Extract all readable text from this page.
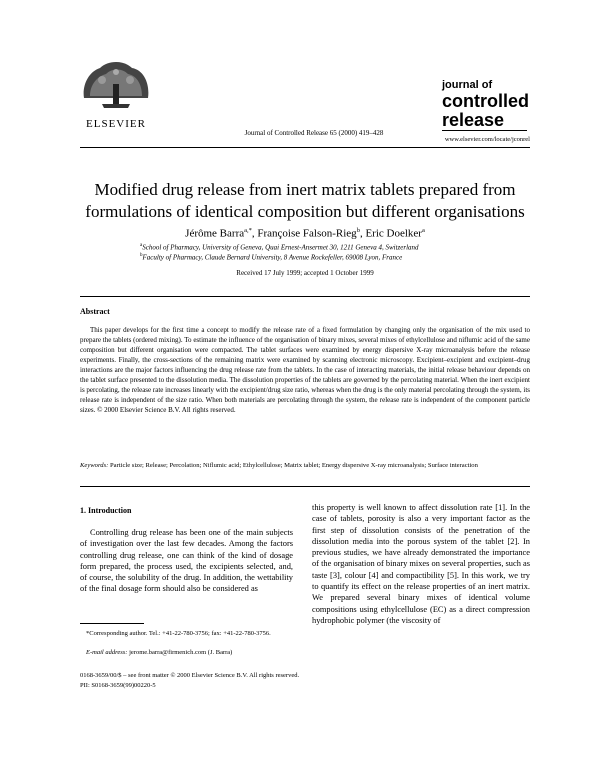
ELSEVIER
Journal of Controlled Release 65 (2000) 419–428
journal of
controlled
release
www.elsevier.com/locate/jconrel
Modified drug release from inert matrix tablets prepared from
formulations of identical composition but different organisations
Jérôme Barra$^{a,*}$, Françoise Falson-Rieg$^b$, Eric Doelker$^a$
$^a$School of Pharmacy, University of Geneva, Quai Ernest-Ansermet 30, 1211 Geneva 4, Switzerland
$^b$Faculty of Pharmacy, Claude Bernard University, 8 Avenue Rockefeller, 69008 Lyon, France
Received 17 July 1999; accepted 1 October 1999
Abstract
This paper develops for the first time a concept to modify the release rate of a fixed formulation by changing only the organisation of the mix used to prepare the tablets (ordered mixing). To estimate the influence of the organisation of binary mixes, several mixes of ethylcellulose and niflumic acid of the same composition but different organisation were compacted. The tablet surfaces were examined by energy dispersive X-ray microanalysis before the release experiments. Finally, the cross-sections of the remaining matrix were examined by scanning electronic microscopy. Excipient–excipient and excipient–drug interactions are the major factors influencing the drug release rate from the tablets. In the case of interacting materials, the initial release behaviour depends on the tablet surface presented to the dissolution media. The dissolution properties of the tablets are governed by the percolating material. When the inert excipient is percolating, the release rate increases linearly with the excipient/drug size ratio, whereas when the drug is the only material percolating through the system, its release rate is independent of the size ratio. When both materials are percolating through the system, the release rate is independent of the component particle sizes. © 2000 Elsevier Science B.V. All rights reserved.
Keywords: Particle size; Release; Percolation; Niflumic acid; Ethylcellulose; Matrix tablet; Energy dispersive X-ray microanalysis; Surface interaction
1. Introduction
Controlling drug release has been one of the main subjects of investigation over the last few decades. Among the factors controlling drug release, one can think of the kind of dosage form prepared, the process used, the excipients selected, and, of course, the solubility of the drug. In addition, the wettability of the final dosage form should also be considered as
this property is well known to affect dissolution rate [1]. In the case of tablets, porosity is also a very important factor as the first step of dissolution consists of the penetration of the dissolution media into the porous system of the tablet [2]. In previous studies, we have already demonstrated the importance of the organisation of binary mixes on several properties, such as taste [3], colour [4] and compactibility [5]. In this work, we try to quantify its effect on the release properties of an inert matrix. We prepared several binary mixes of identical volume compositions using ethylcellulose (EC) as a direct compression hydrophobic polymer (the viscosity of
*Corresponding author. Tel.: +41-22-780-3756; fax: +41-22-780-3756.
E-mail address: jerome.barra@firmenich.com (J. Barra)
0168-3659/00/$ – see front matter © 2000 Elsevier Science B.V. All rights reserved.
PII: S0168-3659(99)00220-5
